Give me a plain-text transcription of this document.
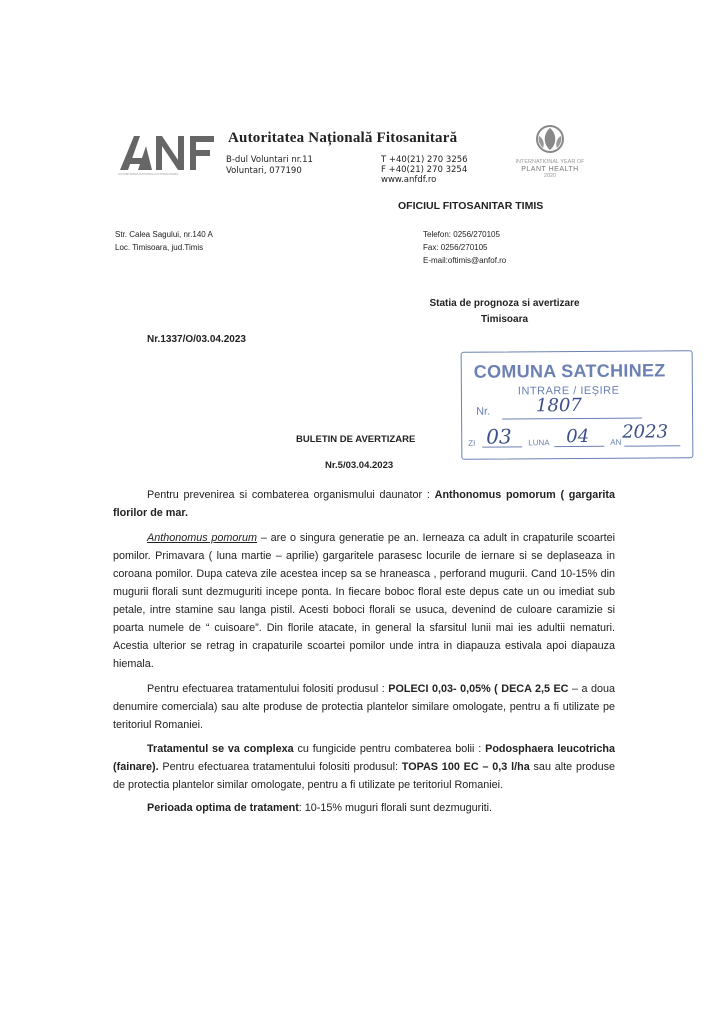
AUTORITATEA NATIONALA FITOSANITARA
Autoritatea Națională Fitosanitară
B-dul Voluntari nr.11
Voluntari, 077190
T +40(21) 270 3256
F +40(21) 270 3254
www.anfdf.ro
INTERNATIONAL YEAR OF
PLANT HEALTH
2020
OFICIUL FITOSANITAR TIMIS
Str. Calea Sagului, nr.140 A
Loc. Timisoara, jud.Timis
Telefon: 0256/270105
Fax: 0256/270105
E-mail:oftimis@anfof.ro
Statia de prognoza si avertizare
Timisoara
Nr.1337/O/03.04.2023
COMUNA SATCHINEZ
INTRARE / IEȘIRE
Nr.	1807
ZI 03 LUNA 04	AN 2023
BULETIN DE AVERTIZARE
Nr.5/03.04.2023
Pentru prevenirea si combaterea organismului daunator : Anthonomus pomorum ( gargarita florilor de mar.
Anthonomus pomorum – are o singura generatie pe an. Ierneaza ca adult in crapaturile scoartei pomilor. Primavara ( luna martie – aprilie) gargaritele parasesc locurile de iernare si se deplaseaza in coroana pomilor. Dupa cateva zile acestea incep sa se hraneasca , perforand mugurii. Cand 10-15% din mugurii florali sunt dezmuguriti incepe ponta. In fiecare boboc floral este depus cate un ou imediat sub petale, intre stamine sau langa pistil. Acesti boboci florali se usuca, devenind de culoare caramizie si poarta numele de “ cuisoare”. Din florile atacate, in general la sfarsitul lunii mai ies adultii nematuri. Acestia ulterior se retrag in crapaturile scoartei pomilor unde intra in diapauza estivala apoi diapauza hiemala.
Pentru efectuarea tratamentului folositi produsul : POLECI 0,03- 0,05% ( DECA 2,5 EC – a doua denumire comerciala) sau alte produse de protectia plantelor similare omologate, pentru a fi utilizate pe teritoriul Romaniei.
Tratamentul se va complexa cu fungicide pentru combaterea bolii : Podosphaera leucotricha (fainare). Pentru efectuarea tratamentului folositi produsul: TOPAS 100 EC – 0,3 l/ha sau alte produse de protectia plantelor similar omologate, pentru a fi utilizate pe teritoriul Romaniei.
Perioada optima de tratament: 10-15% muguri florali sunt dezmuguriti.
